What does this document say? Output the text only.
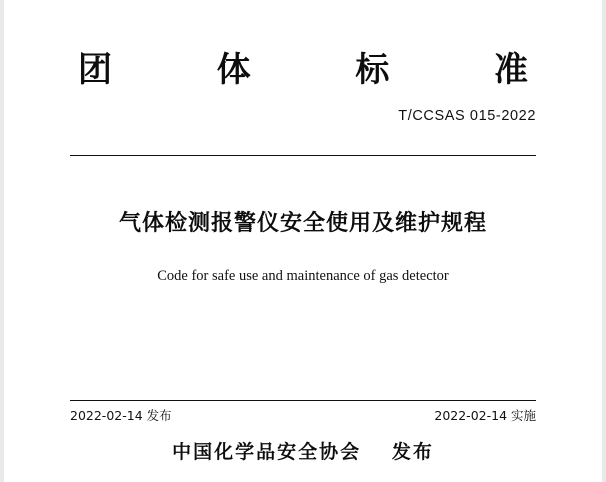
团	体	标	准
T/CCSAS 015-2022
气体检测报警仪安全使用及维护规程
Code for safe use and maintenance of gas detector
2022-02-14 发布	2022-02-14 实施
中国化学品安全协会 发布
